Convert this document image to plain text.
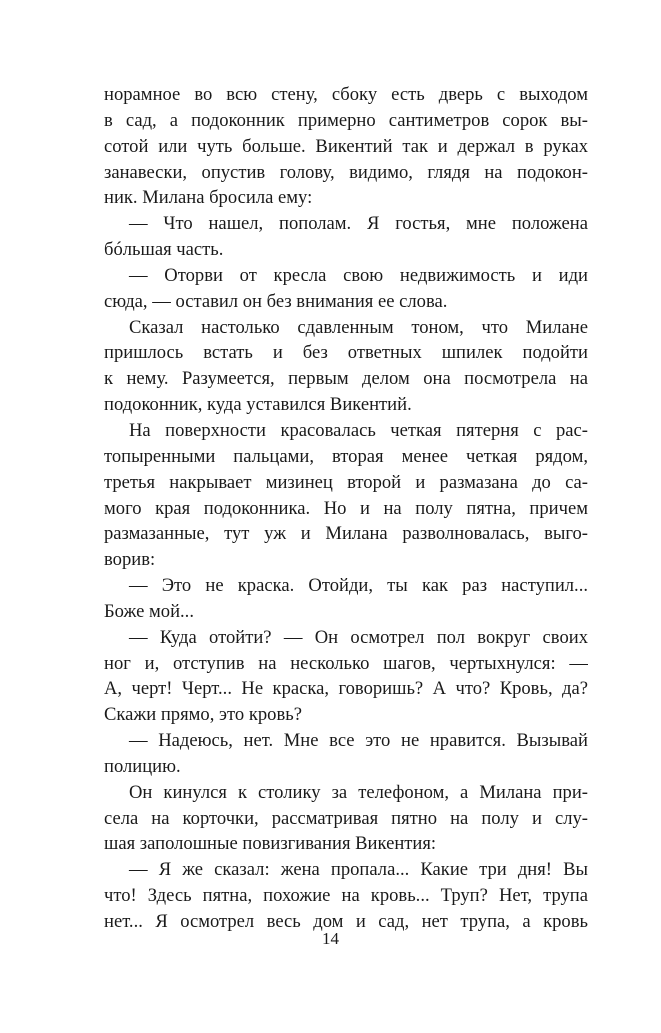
норамное во всю стену, сбоку есть дверь с выходом
в сад, а подоконник примерно сантиметров сорок вы-
сотой или чуть больше. Викентий так и держал в руках
занавески, опустив голову, видимо, глядя на подокон-
ник. Милана бросила ему:
— Что нашел, пополам. Я гостья, мне положена
бóльшая часть.
— Оторви от кресла свою недвижимость и иди
сюда, — оставил он без внимания ее слова.
Сказал настолько сдавленным тоном, что Милане
пришлось встать и без ответных шпилек подойти
к нему. Разумеется, первым делом она посмотрела на
подоконник, куда уставился Викентий.
На поверхности красовалась четкая пятерня с рас-
топыренными пальцами, вторая менее четкая рядом,
третья накрывает мизинец второй и размазана до са-
мого края подоконника. Но и на полу пятна, причем
размазанные, тут уж и Милана разволновалась, выго-
ворив:
— Это не краска. Отойди, ты как раз наступил...
Боже мой...
— Куда отойти? — Он осмотрел пол вокруг своих
ног и, отступив на несколько шагов, чертыхнулся: —
А, черт! Черт... Не краска, говоришь? А что? Кровь, да?
Скажи прямо, это кровь?
— Надеюсь, нет. Мне все это не нравится. Вызывай
полицию.
Он кинулся к столику за телефоном, а Милана при-
села на корточки, рассматривая пятно на полу и слу-
шая заполошные повизгивания Викентия:
— Я же сказал: жена пропала... Какие три дня! Вы
что! Здесь пятна, похожие на кровь... Труп? Нет, трупа
нет... Я осмотрел весь дом и сад, нет трупа, а кровь
14
